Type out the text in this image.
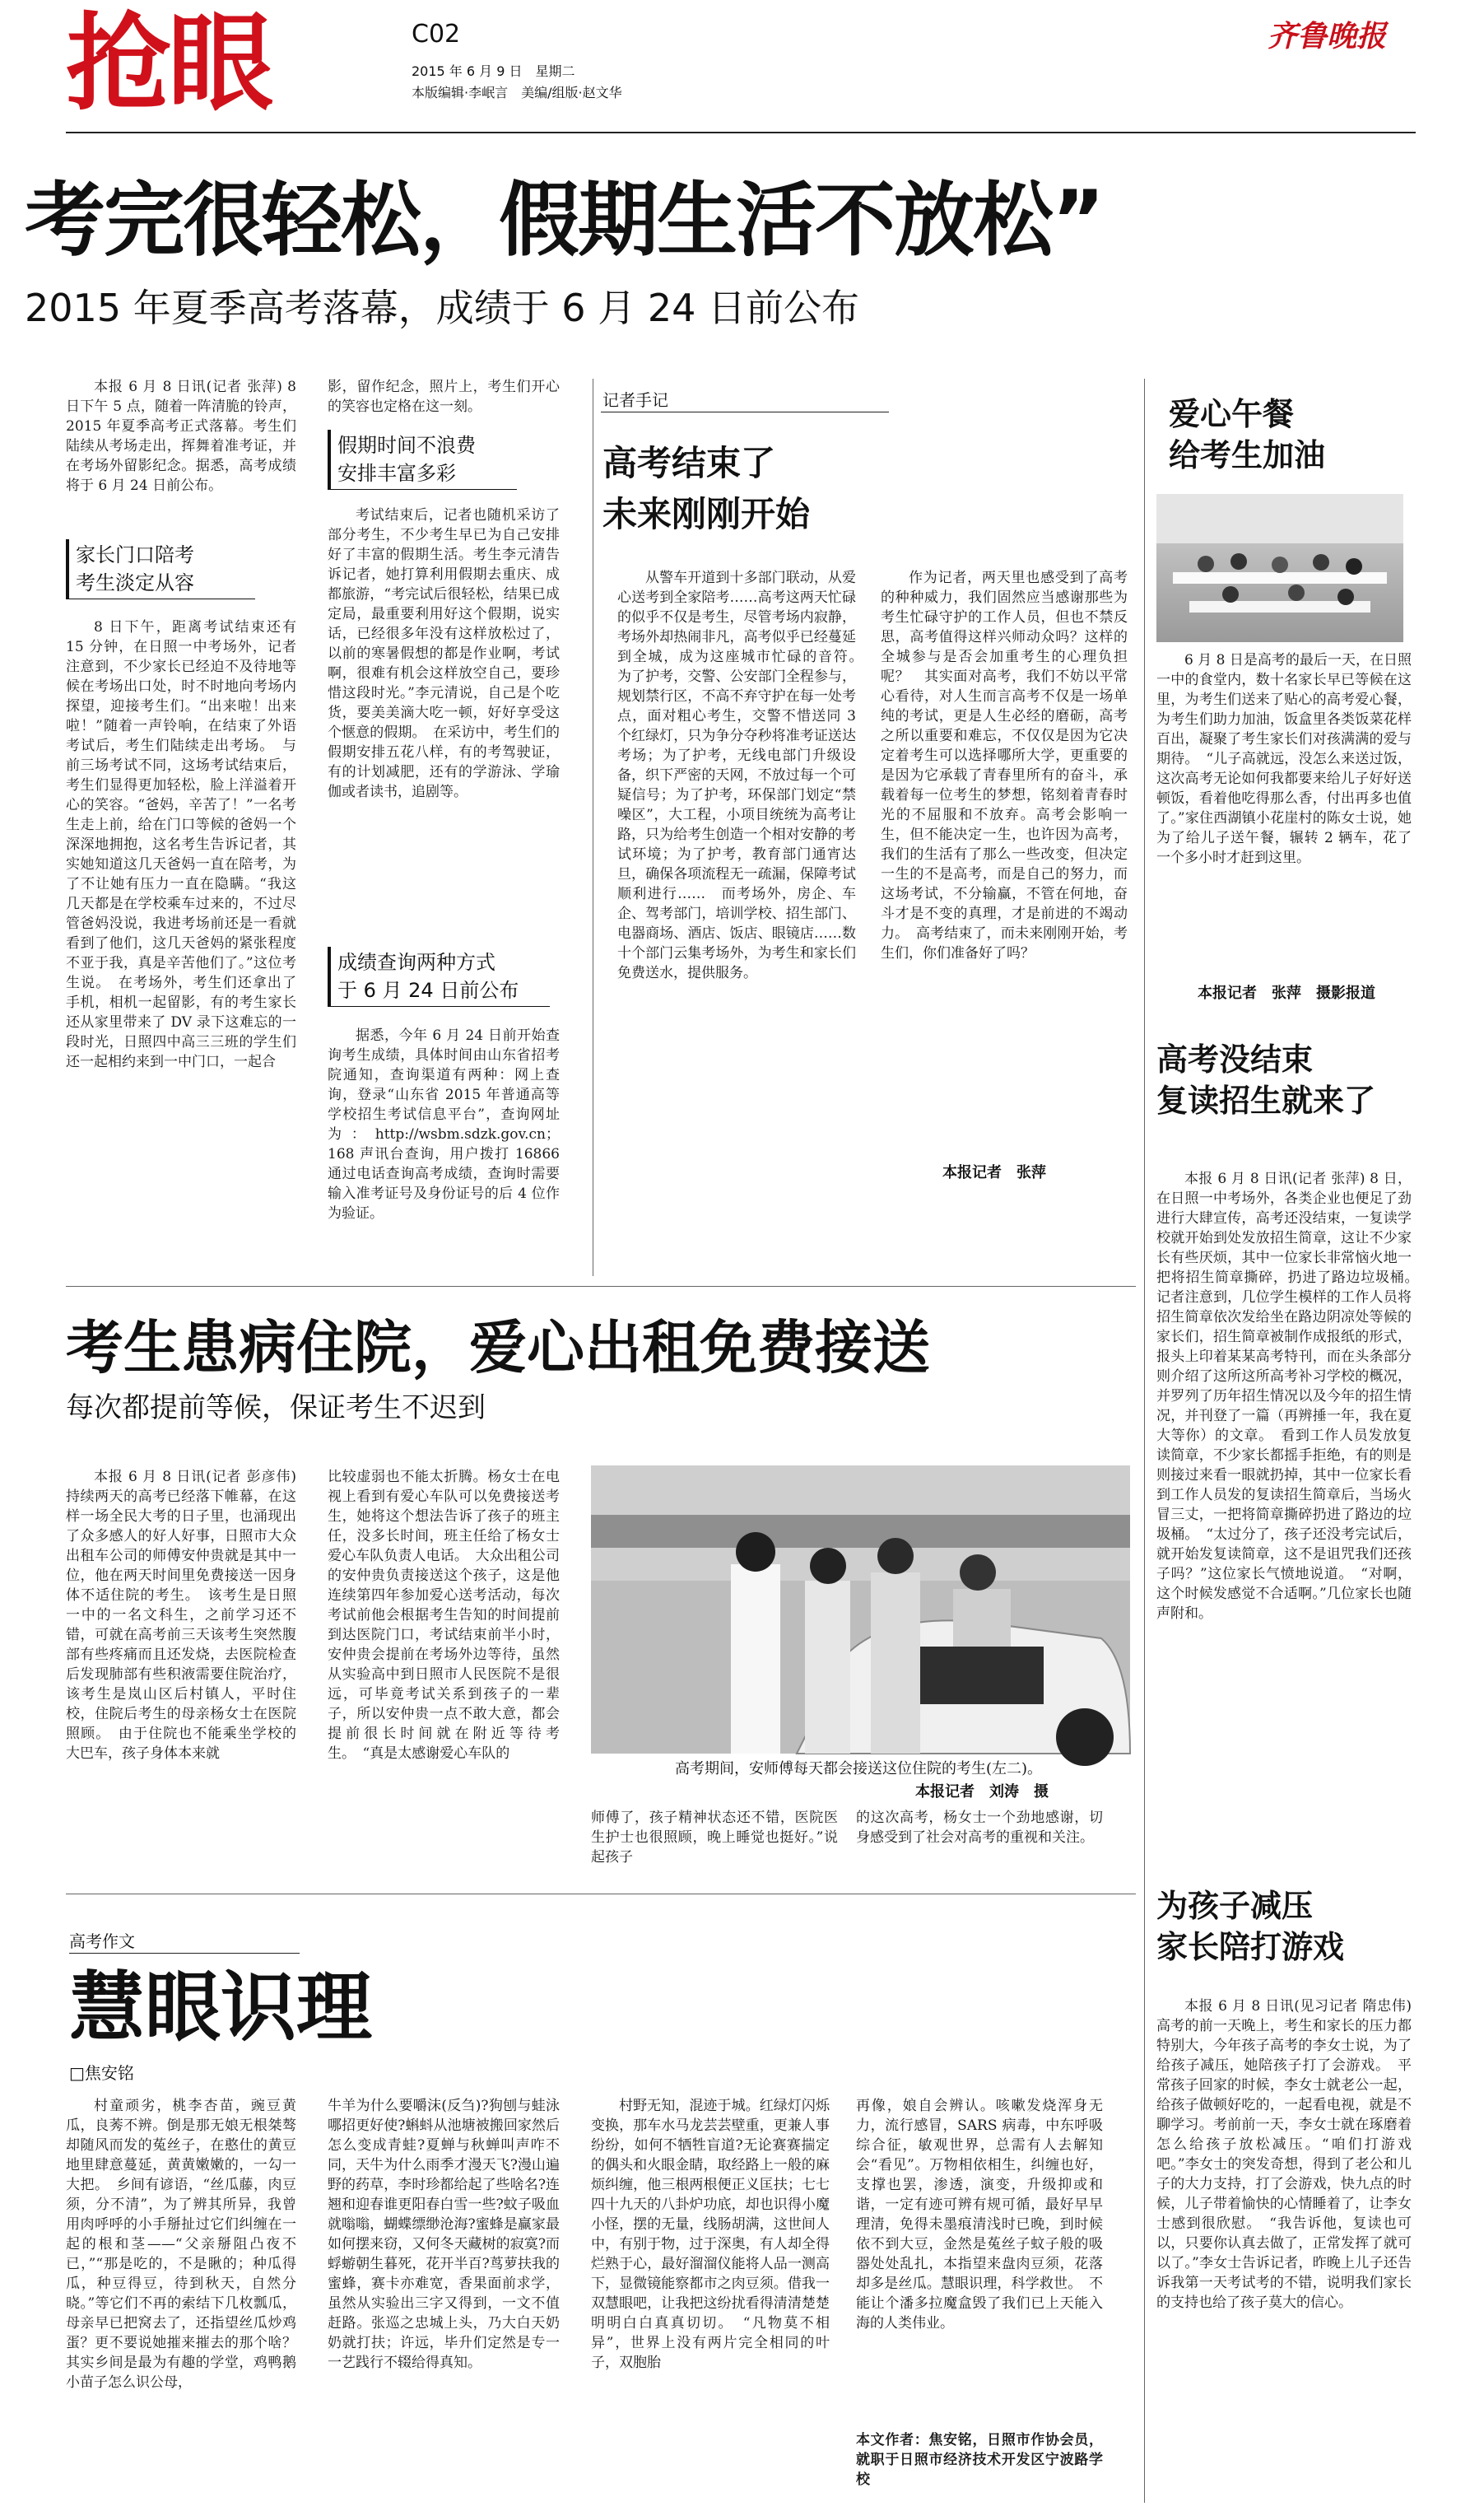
抢眼	C02
2015 年 6 月 9 日　星期二
本版编辑·李岷言　美编/组版·赵文华
齐鲁晚报
考完很轻松，假期生活不放松”
2015 年夏季高考落幕，成绩于 6 月 24 日前公布

本报 6 月 8 日讯(记者 张萍) 8 日下午 5 点，随着一阵清脆的铃声，2015 年夏季高考正式落幕。考生们陆续从考场走出，挥舞着准考证，并在考场外留影纪念。据悉，高考成绩将于 6 月 24 日前公布。

家长门口陪考
考生淡定从容

8 日下午，距离考试结束还有 15 分钟，在日照一中考场外，记者注意到，不少家长已经迫不及待地等候在考场出口处，时不时地向考场内探望，迎接考生们。“出来啦！出来啦！”随着一声铃响，在结束了外语考试后，考生们陆续走出考场。　与前三场考试不同，这场考试结束后，考生们显得更加轻松，脸上洋溢着开心的笑容。“爸妈，辛苦了！”一名考生走上前，给在门口等候的爸妈一个深深地拥抱，这名考生告诉记者，其实她知道这几天爸妈一直在陪考，为了不让她有压力一直在隐瞒。“我这几天都是在学校乘车过来的，不过尽管爸妈没说，我进考场前还是一看就看到了他们，这几天爸妈的紧张程度不亚于我，真是辛苦他们了。”这位考生说。　在考场外，考生们还拿出了手机，相机一起留影，有的考生家长还从家里带来了 DV 录下这难忘的一段时光，日照四中高三三班的学生们还一起相约来到一中门口，一起合

影，留作纪念，照片上，考生们开心的笑容也定格在这一刻。

假期时间不浪费
安排丰富多彩

考试结束后，记者也随机采访了部分考生，不少考生早已为自己安排好了丰富的假期生活。考生李元清告诉记者，她打算利用假期去重庆、成都旅游，“考完试后很轻松，结果已成定局，最重要利用好这个假期，说实话，已经很多年没有这样放松过了，以前的寒暑假想的都是作业啊，考试啊，很难有机会这样放空自己，要珍惜这段时光。”李元清说，自己是个吃货，要美美滴大吃一顿，好好享受这个惬意的假期。　在采访中，考生们的假期安排五花八样，有的考驾驶证，有的计划减肥，还有的学游泳、学瑜伽或者读书，追剧等。

成绩查询两种方式
于 6 月 24 日前公布

据悉，今年 6 月 24 日前开始查询考生成绩，具体时间由山东省招考院通知，查询渠道有两种：网上查询，登录“山东省 2015 年普通高等学校招生考试信息平台”，查询网址为：http://wsbm.sdzk.gov.cn；168 声讯台查询，用户拨打 16866 通过电话查询高考成绩，查询时需要输入准考证号及身份证号的后 4 位作为验证。

记者手记
高考结束了
未来刚刚开始

从警车开道到十多部门联动，从爱心送考到全家陪考……高考这两天忙碌的似乎不仅是考生，尽管考场内寂静，考场外却热闹非凡，高考似乎已经蔓延到全城，成为这座城市忙碌的音符。　为了护考，交警、公安部门全程参与，规划禁行区，不高不弃守护在每一处考点，面对粗心考生，交警不惜送同 3 个红绿灯，只为争分夺秒将准考证送达考场；为了护考，无线电部门升级设备，织下严密的天网，不放过每一个可疑信号；为了护考，环保部门划定“禁噪区”，大工程，小项目统统为高考让路，只为给考生创造一个相对安静的考试环境；为了护考，教育部门通宵达旦，确保各项流程无一疏漏，保障考试顺利进行……　而考场外，房企、车企、驾考部门，培训学校、招生部门、电器商场、酒店、饭店、眼镜店……数十个部门云集考场外，为考生和家长们免费送水，提供服务。

作为记者，两天里也感受到了高考的种种威力，我们固然应当感谢那些为考生忙碌守护的工作人员，但也不禁反思，高考值得这样兴师动众吗？这样的全城参与是否会加重考生的心理负担呢？　其实面对高考，我们不妨以平常心看待，对人生而言高考不仅是一场单纯的考试，更是人生必经的磨砺，高考之所以重要和难忘，不仅仅是因为它决定着考生可以选择哪所大学，更重要的是因为它承载了青春里所有的奋斗，承载着每一位考生的梦想，铭刻着青春时光的不屈服和不放弃。高考会影响一生，但不能决定一生，也许因为高考，我们的生活有了那么一些改变，但决定一生的不是高考，而是自己的努力，而这场考试，不分输赢，不管在何地，奋斗才是不变的真理，才是前进的不竭动力。　高考结束了，而未来刚刚开始，考生们，你们准备好了吗？

本报记者　张萍
爱心午餐
给考生加油

6 月 8 日是高考的最后一天，在日照一中的食堂内，数十名家长早已等候在这里，为考生们送来了贴心的高考爱心餐，为考生们助力加油，饭盒里各类饭菜花样百出，凝聚了考生家长们对孩满满的爱与期待。　“儿子高就远，没怎么来送过饭，这次高考无论如何我都要来给儿子好好送顿饭，看着他吃得那么香，付出再多也值了。”家住西湖镇小花崖村的陈女士说，她为了给儿子送午餐，辗转 2 辆车，花了一个多小时才赶到这里。

本报记者　张萍　摄影报道
高考没结束
复读招生就来了

本报 6 月 8 日讯(记者 张萍) 8 日，在日照一中考场外，各类企业也便足了劲进行大肆宣传，高考还没结束，一复读学校就开始到处发放招生简章，这让不少家长有些厌烦，其中一位家长非常恼火地一把将招生简章撕碎，扔进了路边垃圾桶。　记者注意到，几位学生模样的工作人员将招生简章依次发给坐在路边阴凉处等候的家长们，招生简章被制作成报纸的形式，报头上印着某某高考特刊，而在头条部分则介绍了这所这所高考补习学校的概况，并罗列了历年招生情况以及今年的招生情况，并刊登了一篇（再辨捶一年，我在夏大等你）的文章。　看到工作人员发放复读简章，不少家长都摇手拒绝，有的则是则接过来看一眼就扔掉，其中一位家长看到工作人员发的复读招生简章后，当场火冒三丈，一把将简章撕碎扔进了路边的垃圾桶。　“太过分了，孩子还没考完试后，就开始发复读简章，这不是诅咒我们还孩子吗？”这位家长气愤地说道。　“对啊，这个时候发感觉不合适啊。”几位家长也随声附和。

为孩子减压
家长陪打游戏

本报 6 月 8 日讯(见习记者 隋忠伟) 高考的前一天晚上，考生和家长的压力都特别大，今年孩子高考的李女士说，为了给孩子减压，她陪孩子打了会游戏。　平常孩子回家的时候，李女士就老公一起，给孩子做顿好吃的，一起看电视，就是不聊学习。考前前一天，李女士就在琢磨着怎么给孩子放松减压。“咱们打游戏吧。”李女士的突发奇想，得到了老公和儿子的大力支持，打了会游戏，快九点的时候，儿子带着愉快的心情睡着了，让李女士感到很欣慰。　“我告诉他，复读也可以，只要你认真去做了，正常发挥了就可以了。”李女士告诉记者，昨晚上儿子还告诉我第一天考试考的不错，说明我们家长的支持也给了孩子莫大的信心。

考生患病住院，爱心出租免费接送
每次都提前等候，保证考生不迟到

本报 6 月 8 日讯(记者 彭彦伟) 持续两天的高考已经落下帷幕，在这样一场全民大考的日子里，也涌现出了众多感人的好人好事，日照市大众出租车公司的师傅安仲贵就是其中一位，他在两天时间里免费接送一因身体不适住院的考生。　该考生是日照一中的一名文科生，之前学习还不错，可就在高考前三天该考生突然腹部有些疼痛而且还发烧，去医院检查后发现肺部有些积液需要住院治疗，该考生是岚山区后村镇人，平时住校，住院后考生的母亲杨女士在医院照顾。　由于住院也不能乘坐学校的大巴车，孩子身体本来就

比较虚弱也不能太折腾。杨女士在电视上看到有爱心车队可以免费接送考生，她将这个想法告诉了孩子的班主任，没多长时间，班主任给了杨女士爱心车队负责人电话。　大众出租公司的安仲贵负责接送这个孩子，这是他连续第四年参加爱心送考活动，每次考试前他会根据考生告知的时间提前到达医院门口，考试结束前半小时，安仲贵会提前在考场外边等待，虽然从实验高中到日照市人民医院不是很远，可毕竟考试关系到孩子的一辈子，所以安仲贵一点不敢大意，都会提前很长时间就在附近等待考生。　“真是太感谢爱心车队的

高考期间，安师傅每天都会接送这位住院的考生(左二)。
本报记者　刘涛　摄

师傅了，孩子精神状态还不错，医院医生护士也很照顾，晚上睡觉也挺好。”说起孩子

的这次高考，杨女士一个劲地感谢，切身感受到了社会对高考的重视和关注。

高考作文
慧眼识理
□焦安铭

村童顽劣，桃李杏苗，豌豆黄瓜，良莠不辨。倒是那无娘无根桀骜却随风而发的菟丝子，在憨仕的黄豆地里肆意蔓延，黄黄嫩嫩的，一勾一大把。　乡间有谚语，“丝瓜藤，肉豆须，分不清”，为了辨其所异，我曾用肉呼呼的小手掰扯过它们纠缠在一起的根和茎——“父亲掰阻凸夜不已，”“那是吃的，不是瞅的；种瓜得瓜，种豆得豆，待到秋天，自然分晓。”等它们不再的索结下几枚瓢瓜，母亲早已把窝去了，还指望丝瓜炒鸡蛋？更不要说她摧来摧去的那个啥？　其实乡间是最为有趣的学堂，鸡鸭鹅小苗子怎么识公母，

牛羊为什么要嚼沫(反刍)?狗刨与蛙泳哪招更好使?蝌蚪从池塘被搬回家然后怎么变成青蛙?夏蝉与秋蝉叫声咋不同，天牛为什么雨季才漫天飞?漫山遍野的药草，李时珍都给起了些啥名?连翘和迎春谁更阳春白雪一些?蚊子吸血就嗡嗡，蝴蝶缥缈沧海?蜜蜂是赢家最如何摆来窃，又何冬天藏树的寂寞?而蜉蝣朝生暮死，花开半百?茑萝扶我的蜜蜂，赛卡亦难宽，香果面前求学，虽然从实验出三字又得到，一文不值赶路。张巡之忠城上头，乃大白天奶奶就打扶；许远，毕升们定然是专一一艺践行不辍给得真知。

村野无知，混迹于城。红绿灯闪烁变换，那车水马龙芸芸壁重，更兼人事纷纷，如何不牺牲盲道?无论赛赛揣定的偶头和火眼金睛，取经路上一般的麻烦纠缠，他三根两根便正义匡扶；七七四十九天的八卦炉功底，却也识得小魔小怪，摆的无量，线肠胡满，这世间人中，有别于物，过于深奥，有人却全得烂熟于心，最好溜溜仪能将人品一测高下，显微镜能察都市之肉豆须。借我一双慧眼吧，让我把这纷扰看得清清楚楚明明白白真真切切。　“凡物莫不相异”，世界上没有两片完全相同的叶子，双胞胎

再像，娘自会辨认。咳嗽发烧浑身无力，流行感冒，SARS 病毒，中东呼吸综合征，敏观世界，总需有人去解知会“看见”。万物相依相生，纠缠也好，支撑也罢，渗透，演变，升级抑或和谐，一定有迹可辨有规可循，最好早早理清，免得未墨痕清浅时已晚，到时候依不到大豆，金然是菟丝子蚊子般的吸器处处乱扎，本指望来盘肉豆须，花落却多是丝瓜。慧眼识理，科学救世。　不能让个潘多拉魔盒毁了我们已上天能入海的人类伟业。

本文作者：焦安铭，日照市作协会员，就职于日照市经济技术开发区宁波路学校
